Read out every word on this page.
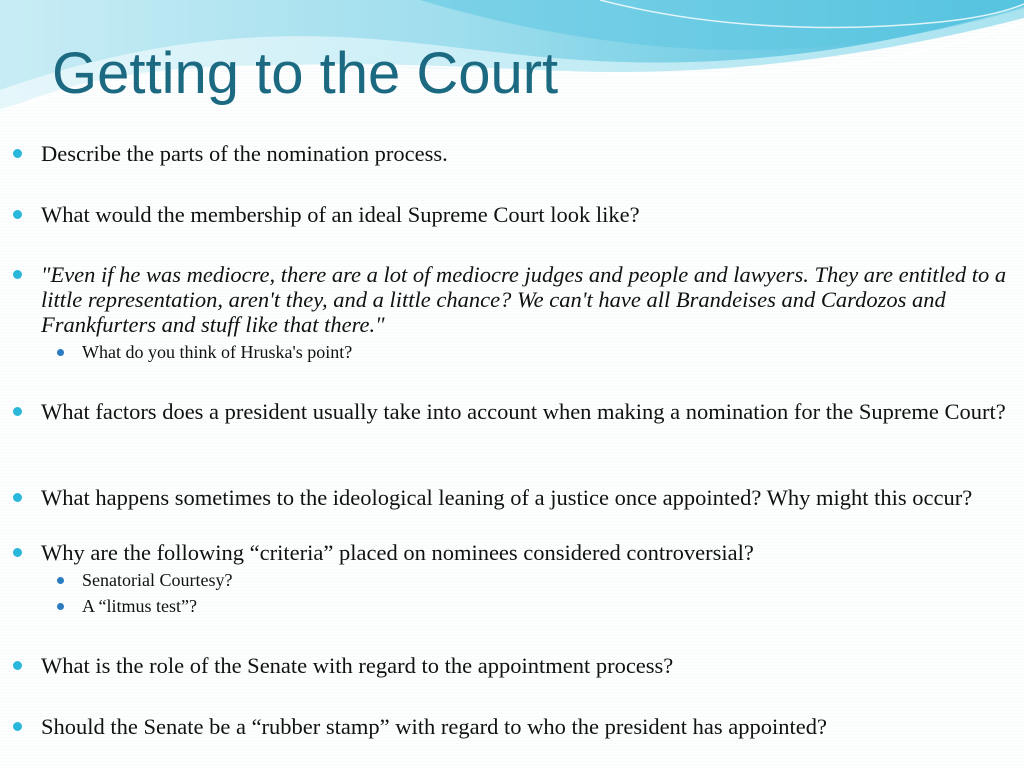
Getting to the Court
Describe the parts of the nomination process.
What would the membership of an ideal Supreme Court look like?
"Even if he was mediocre, there are a lot of mediocre judges and people and lawyers. They are entitled to a little representation, aren't they, and a little chance? We can't have all Brandeises and Cardozos and Frankfurters and stuff like that there."
What do you think of Hruska's point?
What factors does a president usually take into account when making a nomination for the Supreme Court?
What happens sometimes to the ideological leaning of a justice once appointed? Why might this occur?
Why are the following “criteria” placed on nominees considered controversial?
Senatorial Courtesy?
A “litmus test”?
What is the role of the Senate with regard to the appointment process?
Should the Senate be a “rubber stamp” with regard to who the president has appointed?
